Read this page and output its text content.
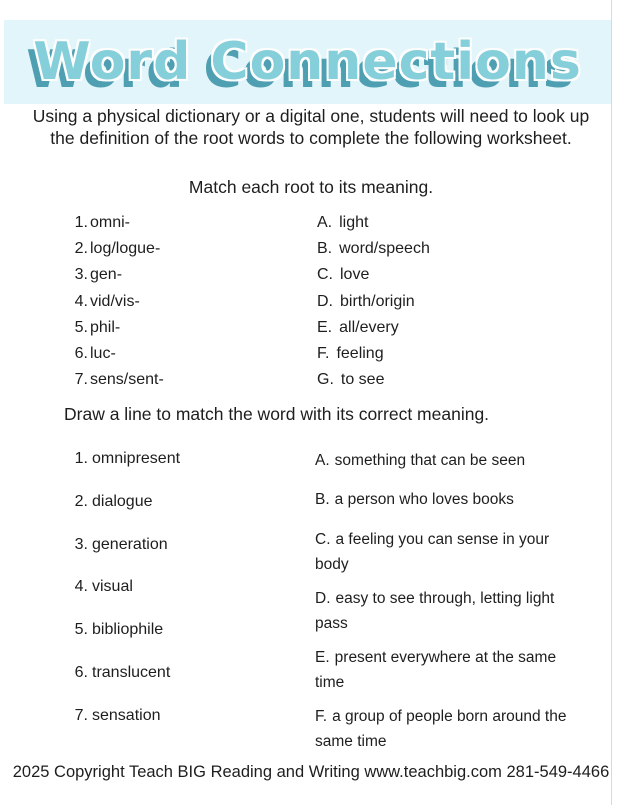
Word Connections

Using a physical dictionary or a digital one, students will need to look up the definition of the root words to complete the following worksheet.

Match each root to its meaning.

1. omni-
2. log/logue-
3. gen-
4. vid/vis-
5. phil-
6. luc-
7. sens/sent-
A. light
B. word/speech
C. love
D. birth/origin
E. all/every
F. feeling
G. to see

Draw a line to match the word with its correct meaning.

1. omnipresent
2. dialogue
3. generation
4. visual
5. bibliophile
6. translucent
7. sensation
A. something that can be seen
B. a person who loves books
C. a feeling you can sense in your body
D. easy to see through, letting light pass
E. present everywhere at the same time
F. a group of people born around the same time

2025 Copyright Teach BIG Reading and Writing www.teachbig.com 281-549-4466
